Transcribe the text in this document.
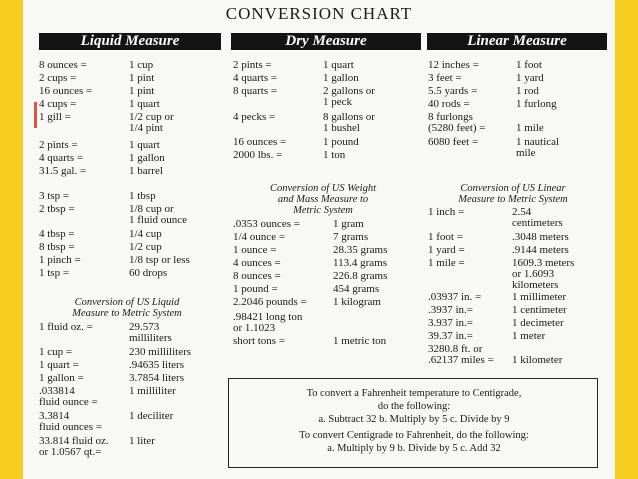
CONVERSION CHART
Liquid Measure	Dry Measure	Linear Measure
8 ounces =	1 cup
2 cups =	1 pint
16 ounces =	1 pint
4 cups =	1 quart
1 gill =	1/2 cup or
1/4 pint
2 pints =	1 quart
4 quarts =	1 gallon
31.5 gal. =	1 barrel
3 tsp =	1 tbsp
2 tbsp =	1/8 cup or
1 fluid ounce
4 tbsp =	1/4 cup
8 tbsp =	1/2 cup
1 pinch =	1/8 tsp or less
1 tsp =	60 drops
Conversion of US Liquid
Measure to Metric System
1 fluid oz. =	29.573
milliliters
1 cup =	230 milliliters
1 quart =	.94635 liters
1 gallon =	3.7854 liters
.033814
fluid ounce =
1 milliliter
3.3814
fluid ounces =
1 deciliter
33.814 fluid oz.
or 1.0567 qt.=
1 liter
2 pints =	1 quart
4 quarts =	1 gallon
8 quarts =	2 gallons or
1 peck
4 pecks =	8 gallons or
1 bushel
16 ounces =	1 pound
2000 lbs. =	1 ton
Conversion of US Weight
and Mass Measure to
Metric System
.0353 ounces =	1 gram
1/4 ounce =	7 grams
1 ounce =	28.35 grams
4 ounces =	113.4 grams
8 ounces =	226.8 grams
1 pound =	454 grams
2.2046 pounds = 1 kilogram
.98421 long ton
or 1.1023
short tons =	1 metric ton
12 inches =	1 foot
3 feet =	1 yard
5.5 yards =	1 rod
40 rods =	1 furlong
8 furlongs
(5280 feet) =	1 mile
6080 feet =	1 nautical
mile
Conversion of US Linear
Measure to Metric System
1 inch =	2.54
centimeters
1 foot =	.3048 meters
1 yard =	.9144 meters
1 mile =	1609.3 meters
or 1.6093
kilometers
.03937 in. =	1 millimeter
.3937 in.=	1 centimeter
3.937 in.=	1 decimeter
39.37 in.=	1 meter
3280.8 ft. or
.62137 miles = 1 kilometer
To convert a Fahrenheit temperature to Centigrade,
do the following:
a. Subtract 32 b. Multiply by 5 c. Divide by 9
To convert Centigrade to Fahrenheit, do the following:
a. Multiply by 9 b. Divide by 5 c. Add 32
